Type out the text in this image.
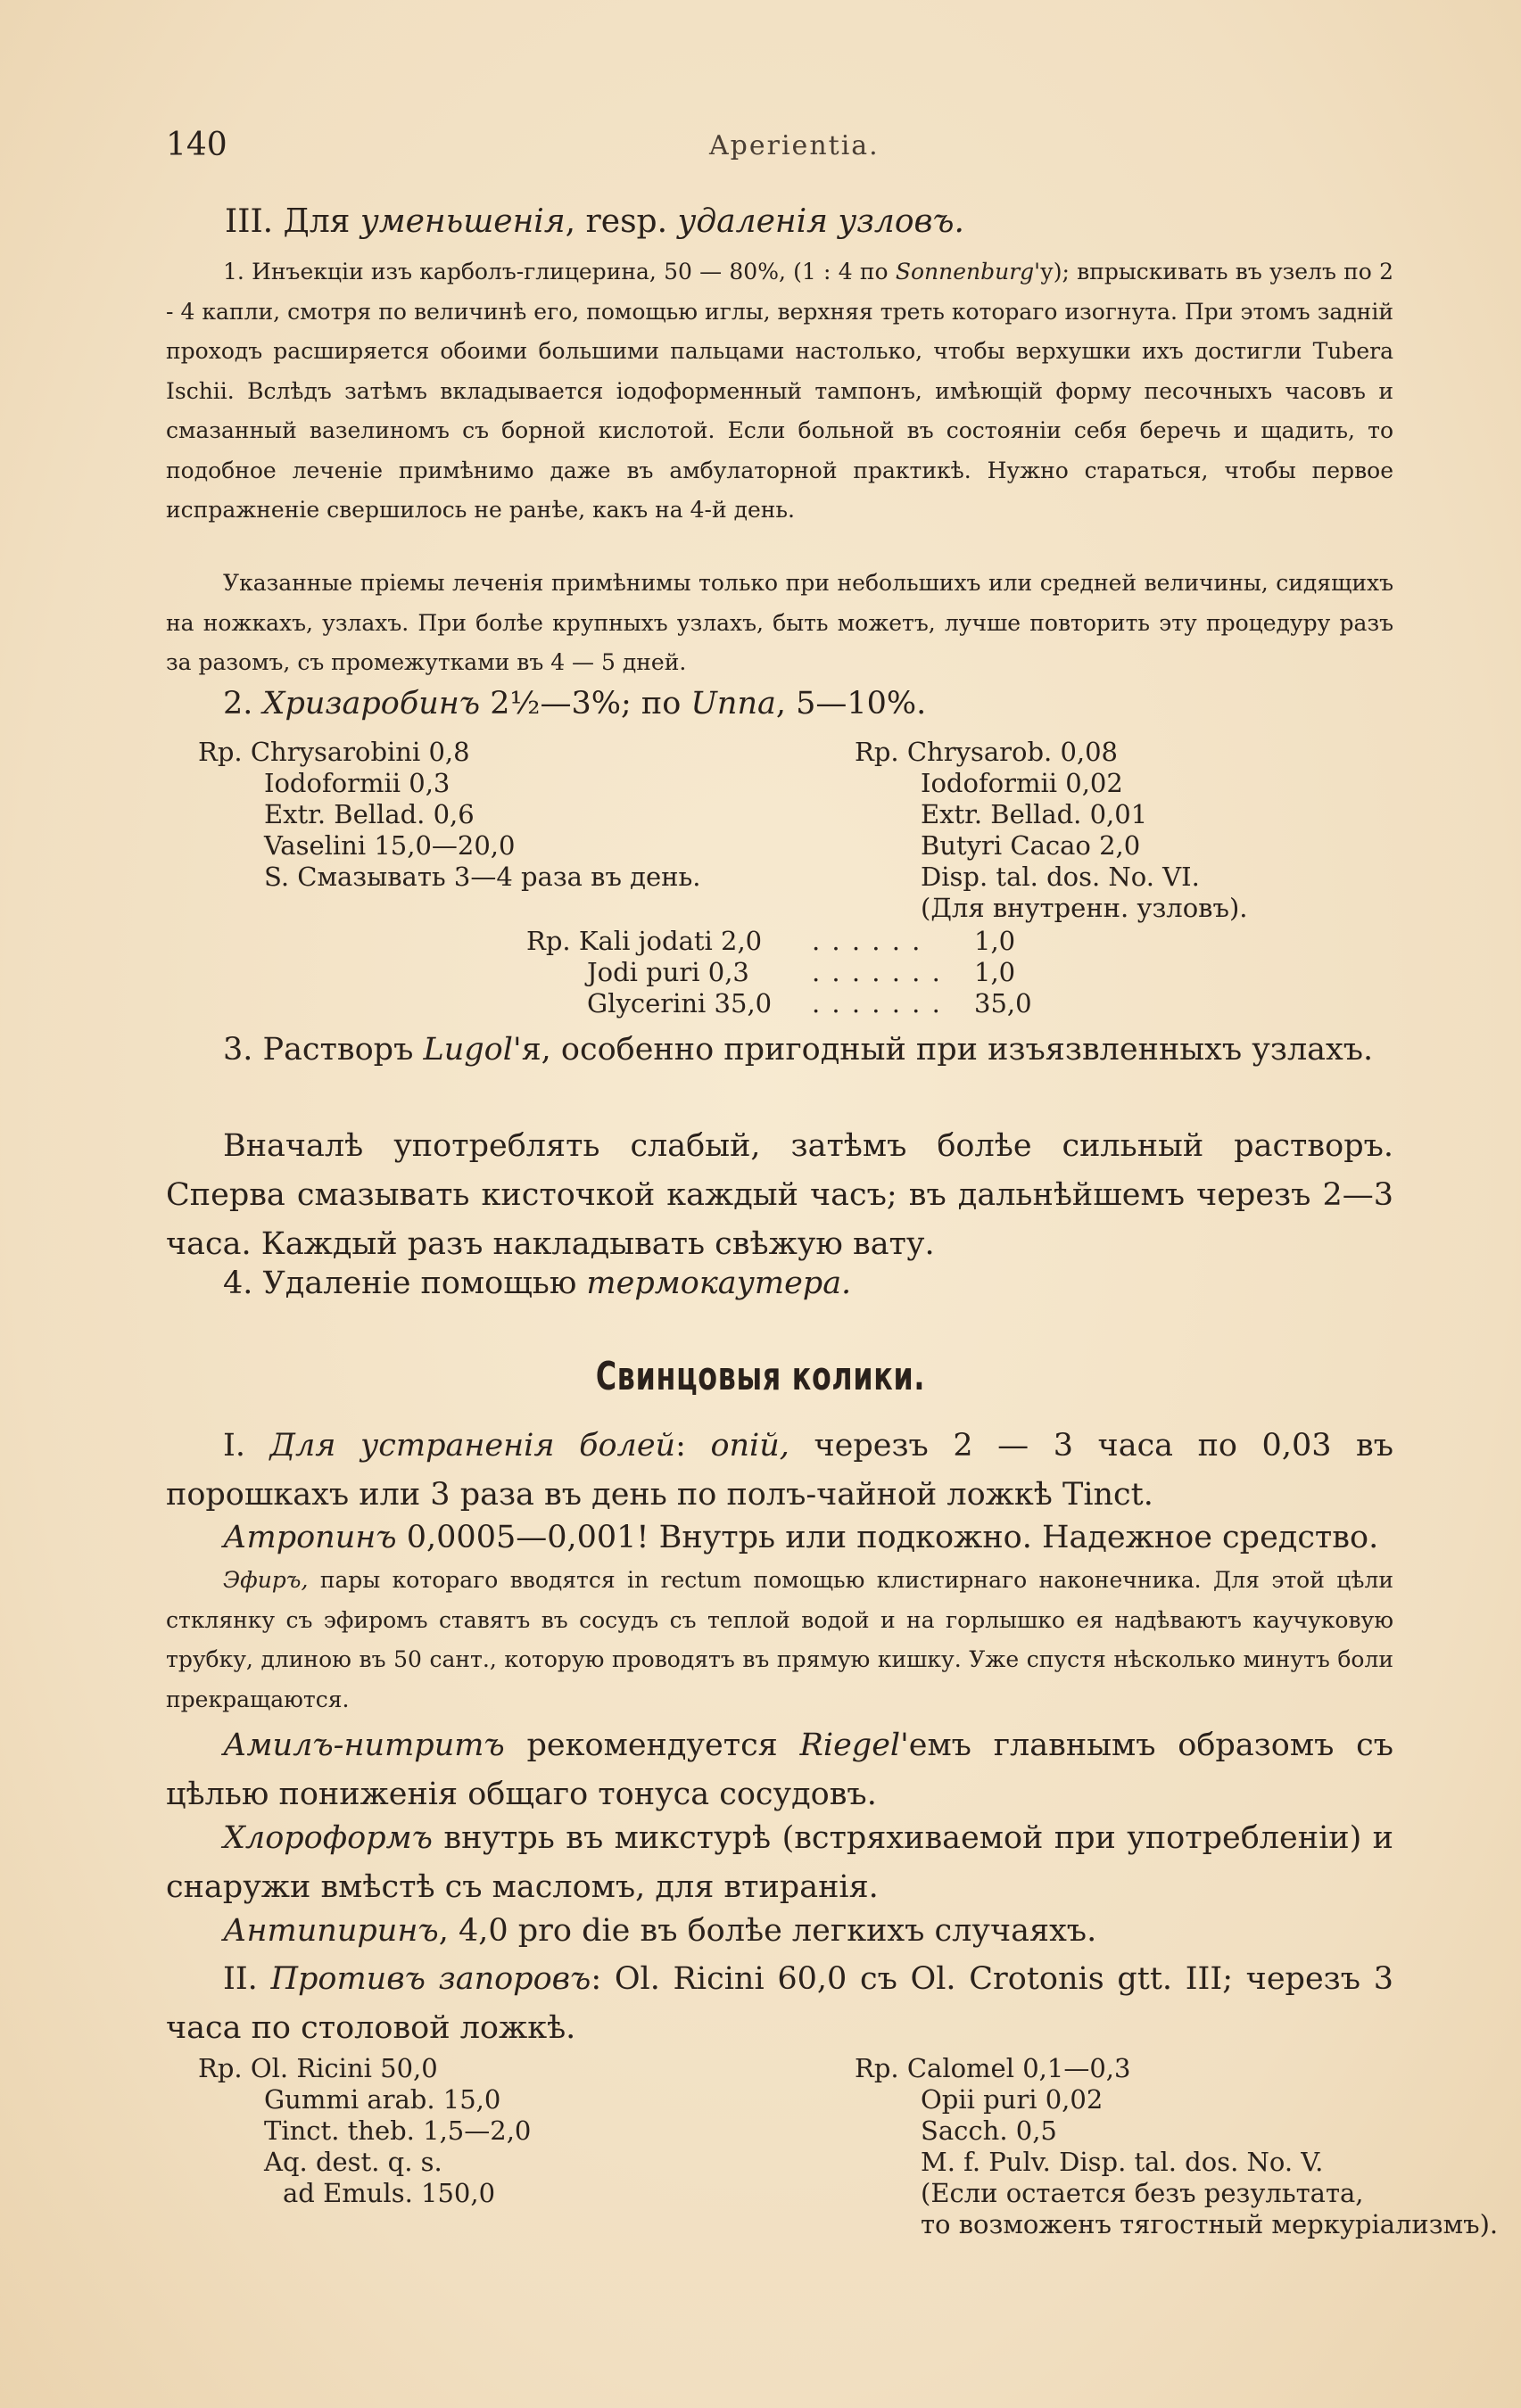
140	Aperientia.
III. Для уменьшенія, resp. удаленія узловъ.
1. Инъекціи изъ карболъ-глицерина, 50 — 80%, (1 : 4 по Sonnenburg'у); впрыскивать въ узелъ по 2 - 4 капли, смотря по величинѣ его, помощью иглы, верхняя треть котораго изогнута. При этомъ задній проходъ расширяется обоими большими пальцами настолько, чтобы верхушки ихъ достигли Tubera Ischii. Вслѣдъ затѣмъ вкладывается іодоформенный тампонъ, имѣющій форму песочныхъ часовъ и смазанный вазелиномъ съ борной кислотой. Если больной въ состояніи себя беречь и щадить, то подобное леченіе примѣнимо даже въ амбулаторной практикѣ. Нужно стараться, чтобы первое испражненіе свершилось не ранѣе, какъ на 4-й день.
Указанные пріемы леченія примѣнимы только при небольшихъ или средней величины, сидящихъ на ножкахъ, узлахъ. При болѣе крупныхъ узлахъ, быть можетъ, лучше повторить эту процедуру разъ за разомъ, съ промежутками въ 4 — 5 дней.
2. Хризаробинъ 2½—3%; по Unna, 5—10%.
Rp. Chrysarobini 0,8
Iodoformii 0,3
Extr. Bellad. 0,6
Vaselini 15,0—20,0
S. Смазывать 3—4 раза въ день.
Rp. Chrysarob. 0,08
Iodoformii 0,02
Extr. Bellad. 0,01
Butyri Cacao 2,0
Disp. tal. dos. No. VI.
(Для внутренн. узловъ).
Rp. Kali jodati 2,0	. . . . . .	1,0
Jodi puri 0,3	. . . . . . .	1,0
Glycerini 35,0	. . . . . . .	35,0
3. Растворъ Lugol'я, особенно пригодный при изъязвленныхъ узлахъ.
Вначалѣ употреблять слабый, затѣмъ болѣе сильный растворъ. Сперва смазывать кисточкой каждый часъ; въ дальнѣйшемъ черезъ 2—3 часа. Каждый разъ накладывать свѣжую вату.
4. Удаленіе помощью термокаутера.
Свинцовыя колики.
I. Для устраненія болей: опій, черезъ 2 — 3 часа по 0,03 въ порошкахъ или 3 раза въ день по полъ-чайной ложкѣ Tinct.
Атропинъ 0,0005—0,001! Внутрь или подкожно. Надежное средство.
Эфиръ, пары котораго вводятся in rectum помощью клистирнаго наконечника. Для этой цѣли стклянку съ эфиромъ ставятъ въ сосудъ съ теплой водой и на горлышко ея надѣваютъ каучуковую трубку, длиною въ 50 сант., которую проводятъ въ прямую кишку. Уже спустя нѣсколько минутъ боли прекращаются.
Амилъ-нитритъ рекомендуется Riegel'емъ главнымъ образомъ съ цѣлью пониженія общаго тонуса сосудовъ.
Хлороформъ внутрь въ микстурѣ (встряхиваемой при употребленіи) и снаружи вмѣстѣ съ масломъ, для втиранія.
Антипиринъ, 4,0 pro die въ болѣе легкихъ случаяхъ.
II. Противъ запоровъ: Ol. Ricini 60,0 съ Ol. Crotonis gtt. III; черезъ 3 часа по столовой ложкѣ.
Rp. Ol. Ricini 50,0
Gummi arab. 15,0
Tinct. theb. 1,5—2,0
Aq. dest. q. s.
ad Emuls. 150,0
Rp. Calomel 0,1—0,3
Opii puri 0,02
Sacch. 0,5
M. f. Pulv. Disp. tal. dos. No. V.
(Если остается безъ результата,
то возможенъ тягостный меркуріализмъ).
